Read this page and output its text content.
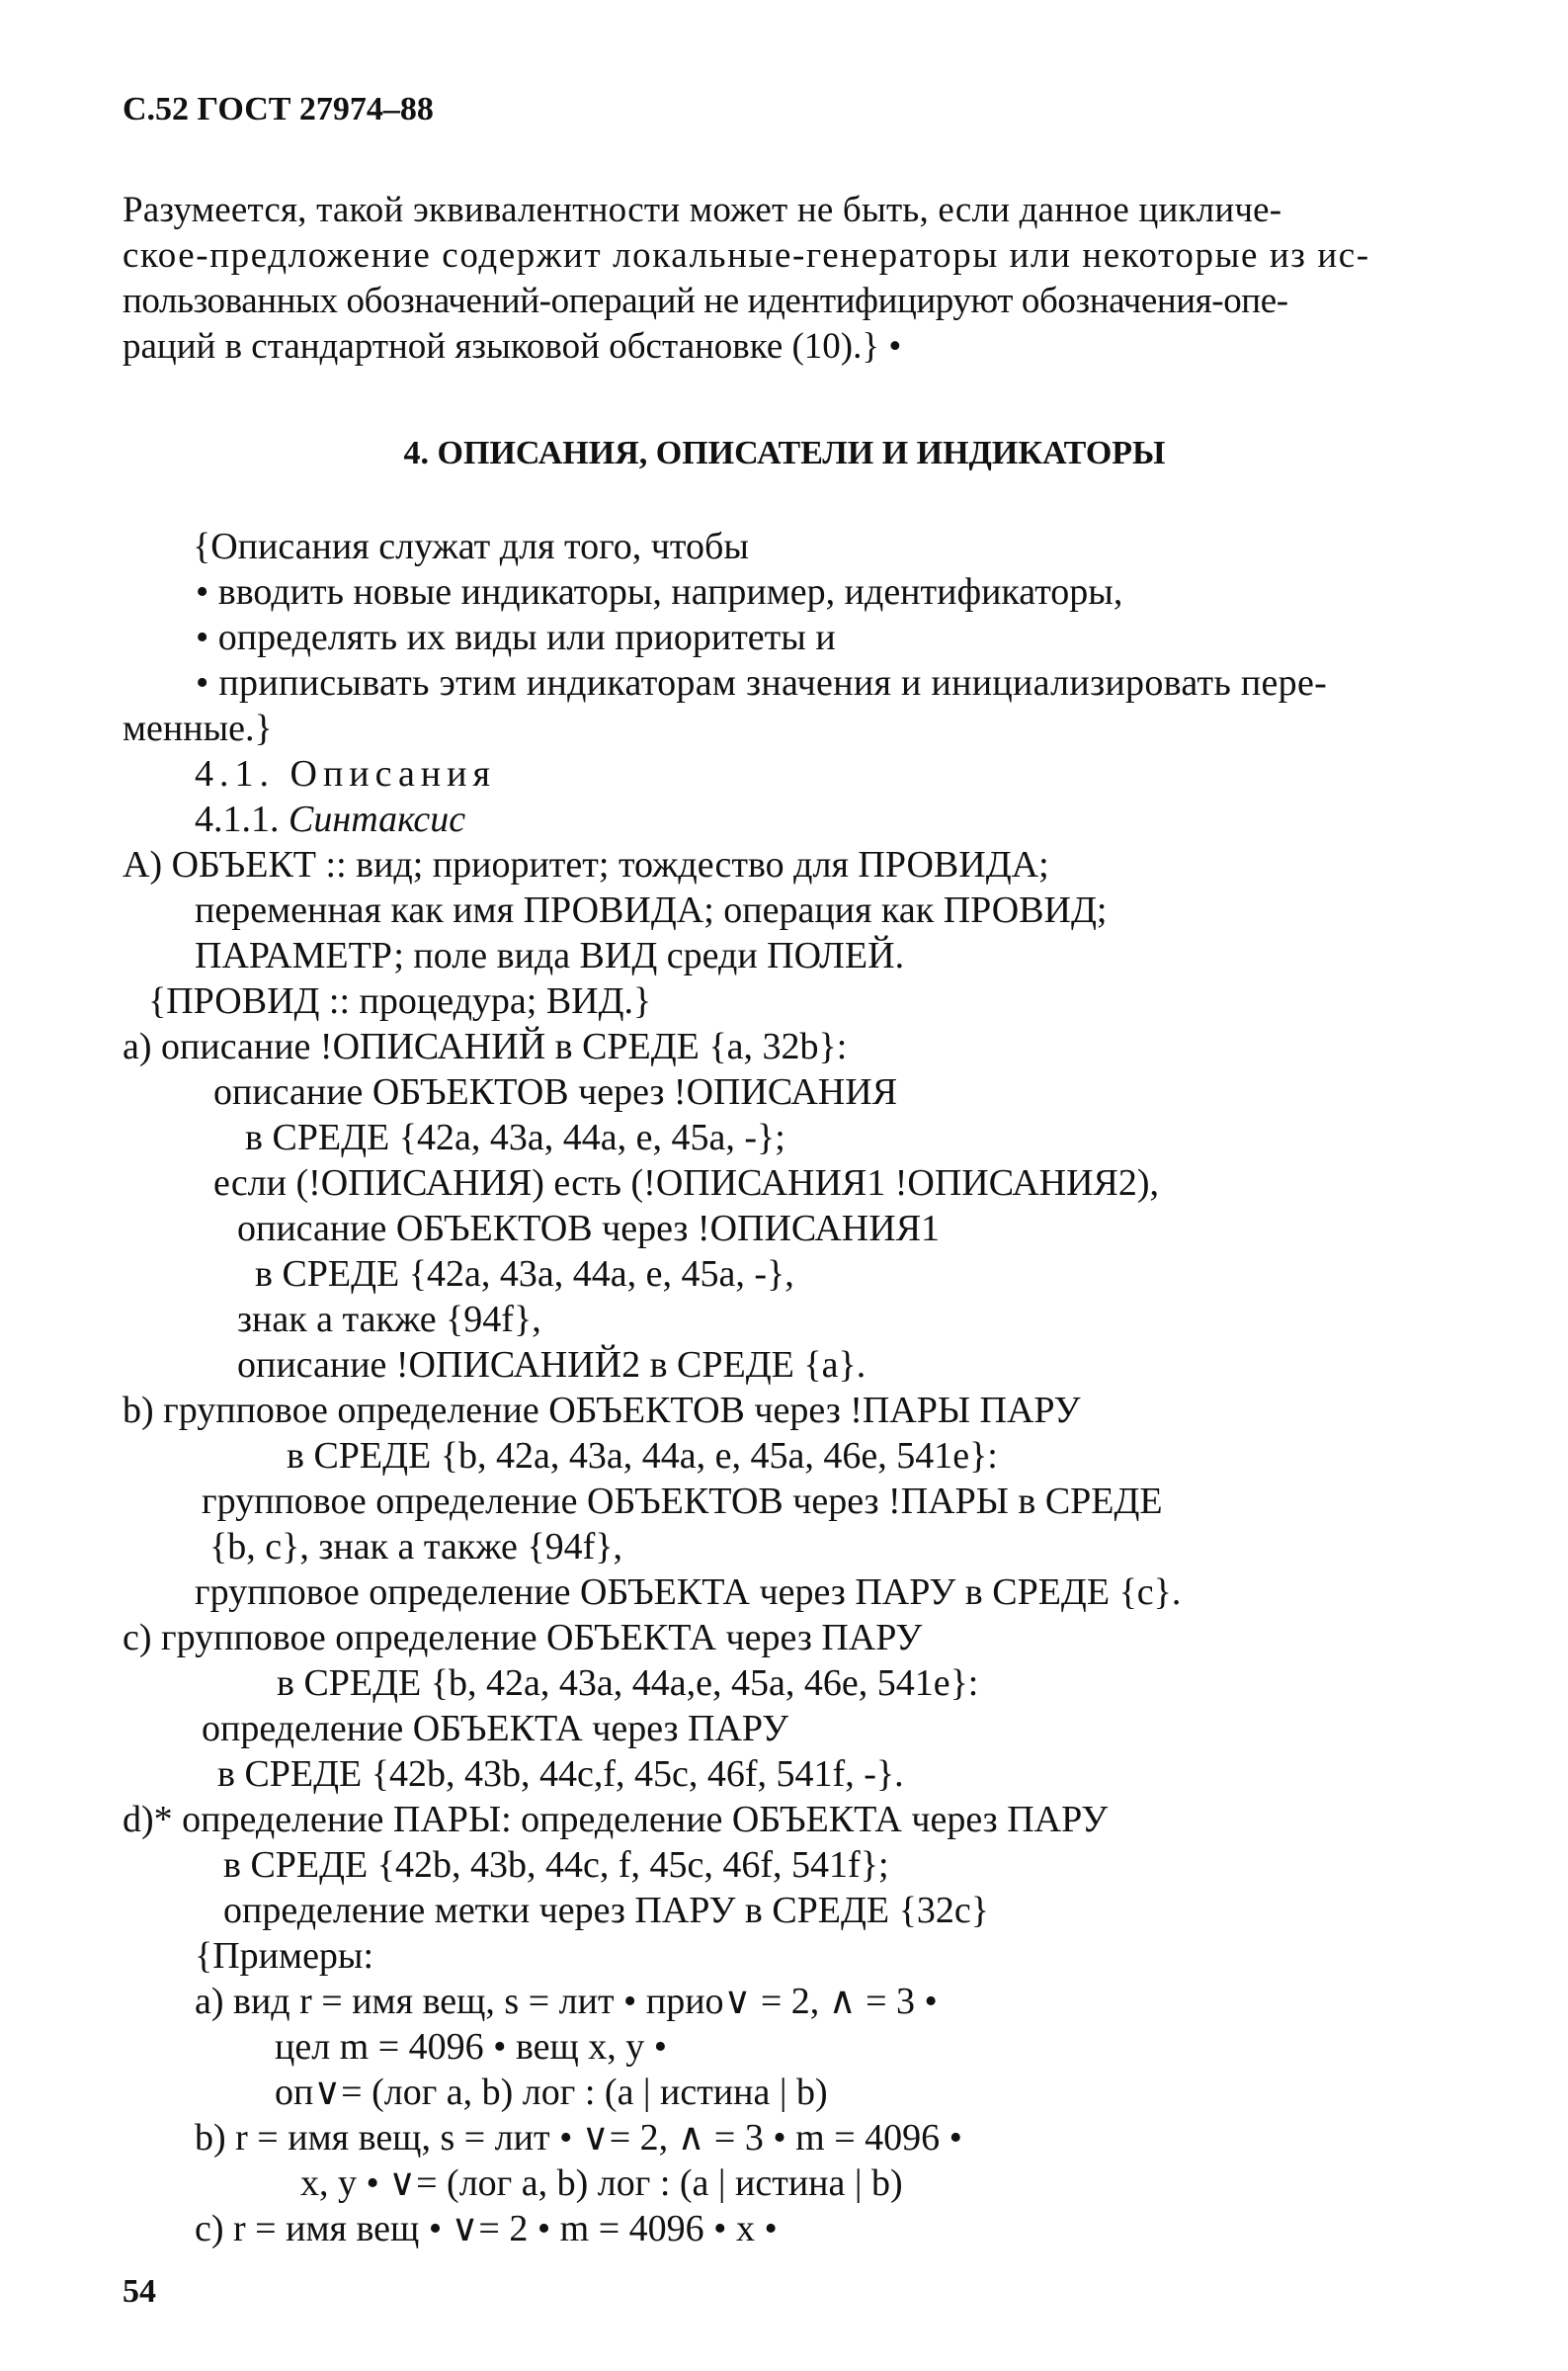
С.52 ГОСТ 27974–88
Разумеется, такой эквивалентности может не быть, если данное цикличе-
ское-предложение содержит локальные-генераторы или некоторые из ис-
пользованных обозначений-операций не идентифицируют обозначения-опе-
раций в стандартной языковой обстановке (10).} •
4. ОПИСАНИЯ, ОПИСАТЕЛИ И ИНДИКАТОРЫ
{Описания служат для того, чтобы
• вводить новые индикаторы, например, идентификаторы,
• определять их виды или приоритеты и
• приписывать этим индикаторам значения и инициализировать пере-
менные.}
4.1. Описания
4.1.1. Синтаксис
A) ОБЪЕКТ :: вид; приоритет; тождество для ПРОВИДА;
переменная как имя ПРОВИДА; операция как ПРОВИД;
ПАРАМЕТР; поле вида ВИД среди ПОЛЕЙ.
{ПРОВИД :: процедура; ВИД.}
a) описание !ОПИСАНИЙ в СРЕДЕ {a, 32b}:
описание ОБЪЕКТОВ через !ОПИСАНИЯ
в СРЕДЕ {42a, 43a, 44a, e, 45a, -};
если (!ОПИСАНИЯ) есть (!ОПИСАНИЯ1 !ОПИСАНИЯ2),
описание ОБЪЕКТОВ через !ОПИСАНИЯ1
в СРЕДЕ {42a, 43a, 44a, e, 45a, -},
знак а также {94f},
описание !ОПИСАНИЙ2 в СРЕДЕ {a}.
b) групповое определение ОБЪЕКТОВ через !ПАРЫ ПАРУ
в СРЕДЕ {b, 42a, 43a, 44a, e, 45a, 46e, 541e}:
групповое определение ОБЪЕКТОВ через !ПАРЫ в СРЕДЕ
{b, c}, знак а также {94f},
групповое определение ОБЪЕКТА через ПАРУ в СРЕДЕ {c}.
c) групповое определение ОБЪЕКТА через ПАРУ
в СРЕДЕ {b, 42a, 43a, 44a,e, 45a, 46e, 541e}:
определение ОБЪЕКТА через ПАРУ
в СРЕДЕ {42b, 43b, 44c,f, 45c, 46f, 541f, -}.
d)* определение ПАРЫ: определение ОБЪЕКТА через ПАРУ
в СРЕДЕ {42b, 43b, 44c, f, 45c, 46f, 541f};
определение метки через ПАРУ в СРЕДЕ {32c}
{Примеры:
a) вид r = имя вещ, s = лит • прио∨ = 2, ∧ = 3 •
цел m = 4096 • вещ x, y •
оп∨= (лог a, b) лог : (a | истина | b)
b) r = имя вещ, s = лит • ∨= 2, ∧ = 3 • m = 4096 •
x, y • ∨= (лог a, b) лог : (a | истина | b)
c) r = имя вещ • ∨= 2 • m = 4096 • x •
54
